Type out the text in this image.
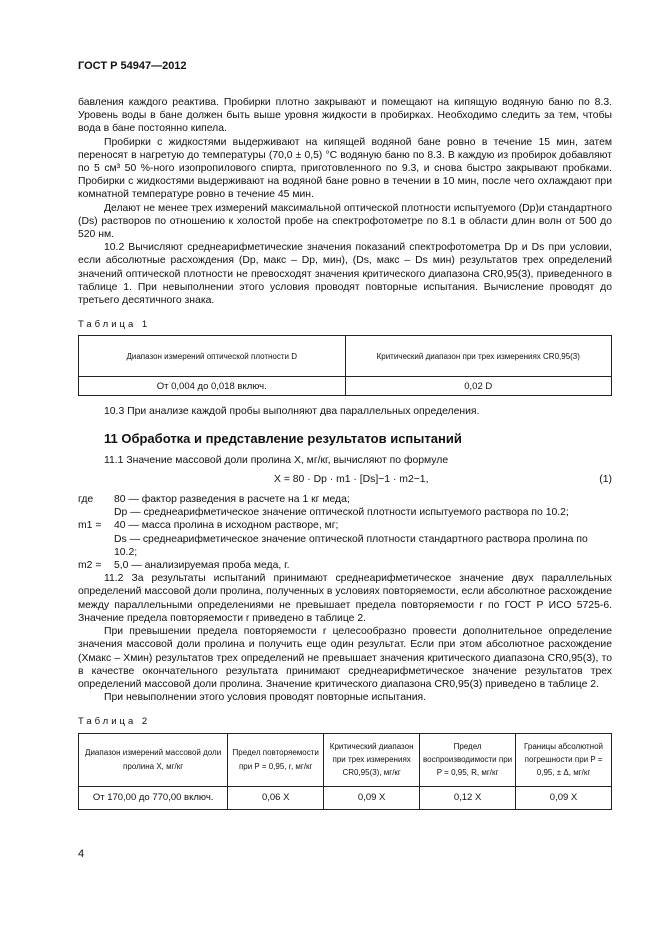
ГОСТ Р 54947—2012

бавления каждого реактива. Пробирки плотно закрывают и помещают на кипящую водяную баню по 8.3. Уровень воды в бане должен быть выше уровня жидкости в пробирках. Необходимо следить за тем, чтобы вода в бане постоянно кипела.

Пробирки с жидкостями выдерживают на кипящей водяной бане ровно в течение 15 мин, затем переносят в нагретую до температуры (70,0 ± 0,5) °С водяную баню по 8.3. В каждую из пробирок добавляют по 5 см³ 50 %-ного изопропилового спирта, приготовленного по 9.3, и снова быстро закрывают пробками. Пробирки с жидкостями выдерживают на водяной бане ровно в течении в 10 мин, после чего охлаждают при комнатной температуре ровно в течение 45 мин.

Делают не менее трех измерений максимальной оптической плотности испытуемого (Dp)и стандартного (Ds) растворов по отношению к холостой пробе на спектрофотометре по 8.1 в области длин волн от 500 до 520 нм.

10.2 Вычисляют среднеарифметические значения показаний спектрофотометра Dp и Ds при условии, если абсолютные расхождения (Dp, макс – Dp, мин), (Ds, макс – Ds мин) результатов трех определений значений оптической плотности не превосходят значения критического диапазона CR0,95(3), приведенного в таблице 1. При невыполнении этого условия проводят повторные испытания. Вычисление проводят до третьего десятичного знака.

Таблица 1

Диапазон измерений оптической плотности D	Критический диапазон при трех измерениях CR0,95(3)
От 0,004 до 0,018 включ.	0,02 D

10.3 При анализе каждой пробы выполняют два параллельных определения.

11 Обработка и представление результатов испытаний

11.1 Значение массовой доли пролина X, мг/кг, вычисляют по формуле

X = 80 · Dp · m1 · [Ds]−1 · m2−1,	(1)
где	80 — фактор разведения в расчете на 1 кг меда;
Dp — среднеарифметическое значение оптической плотности испытуемого раствора по 10.2;
m1 =	40 — масса пролина в исходном растворе, мг;
Ds — среднеарифметическое значение оптической плотности стандартного раствора пролина по 10.2;
m2 =	5,0 — анализируемая проба меда, г.

11.2 За результаты испытаний принимают среднеарифметическое значение двух параллельных определений массовой доли пролина, полученных в условиях повторяемости, если абсолютное расхождение между параллельными определениями не превышает предела повторяемости r по ГОСТ Р ИСО 5725-6. Значение предела повторяемости r приведено в таблице 2.

При превышении предела повторяемости r целесообразно провести дополнительное определение значения массовой доли пролина и получить еще один результат. Если при этом абсолютное расхождение (Xмакс – Xмин) результатов трех определений не превышает значения критического диапазона CR0,95(3), то в качестве окончательного результата принимают среднеарифметическое значение результатов трех определений массовой доли пролина. Значение критического диапазона CR0,95(3) приведено в таблице 2.

При невыполнении этого условия проводят повторные испытания.

Таблица 2

Диапазон измерений массовой доли пролина X, мг/кг	Предел повторяемости при P = 0,95, r, мг/кг	Критический диапазон при трех измерениях CR0,95(3), мг/кг	Предел воспроизводимости при P = 0,95, R, мг/кг	Границы абсолютной погрешности при P = 0,95, ± Δ, мг/кг
От 170,00 до 770,00 включ.	0,06 X	0,09 X	0,12 X	0,09 X
4
